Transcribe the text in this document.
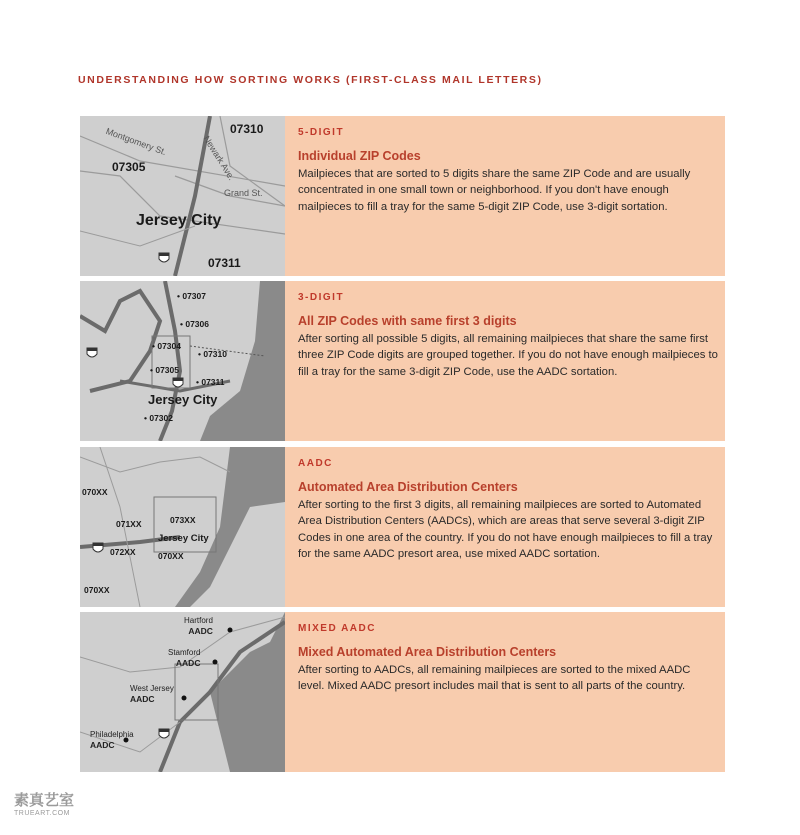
UNDERSTANDING HOW SORTING WORKS (FIRST-CLASS MAIL LETTERS)
07310
07305
07311
Jersey City
Montgomery St.	Newark Ave.
Grand St.
5-DIGIT
Individual ZIP Codes
Mailpieces that are sorted to 5 digits share the same ZIP Code and are usually concentrated in one small town or neighborhood. If you don't have enough mailpieces to fill a tray for the same 5-digit ZIP Code, use 3-digit sortation.
• 07307
• 07306
• 07304
• 07310
• 07305
• 07311
• 07302
Jersey City
3-DIGIT
All ZIP Codes with same first 3 digits
After sorting all possible 5 digits, all remaining mailpieces that share the same first three ZIP Code digits are grouped together. If you do not have enough mailpieces to fill a tray for the same 3-digit ZIP Code, use the AADC sortation.
070XX
071XX	073XX
072XX	070XX
070XX
Jersey City
AADC
Automated Area Distribution Centers
After sorting to the first 3 digits, all remaining mailpieces are sorted to Automated Area Distribution Centers (AADCs), which are areas that serve several 3-digit ZIP Codes in one area of the country. If you do not have enough mailpieces to fill a tray for the same AADC presort area, use mixed AADC sortation.
Hartford
AADC
Stamford
AADC
West Jersey
AADC
Philadelphia
AADC
MIXED AADC
Mixed Automated Area Distribution Centers
After sorting to AADCs, all remaining mailpieces are sorted to the mixed AADC level. Mixed AADC presort includes mail that is sent to all parts of the country.
素真艺室
TRUEART.COM
